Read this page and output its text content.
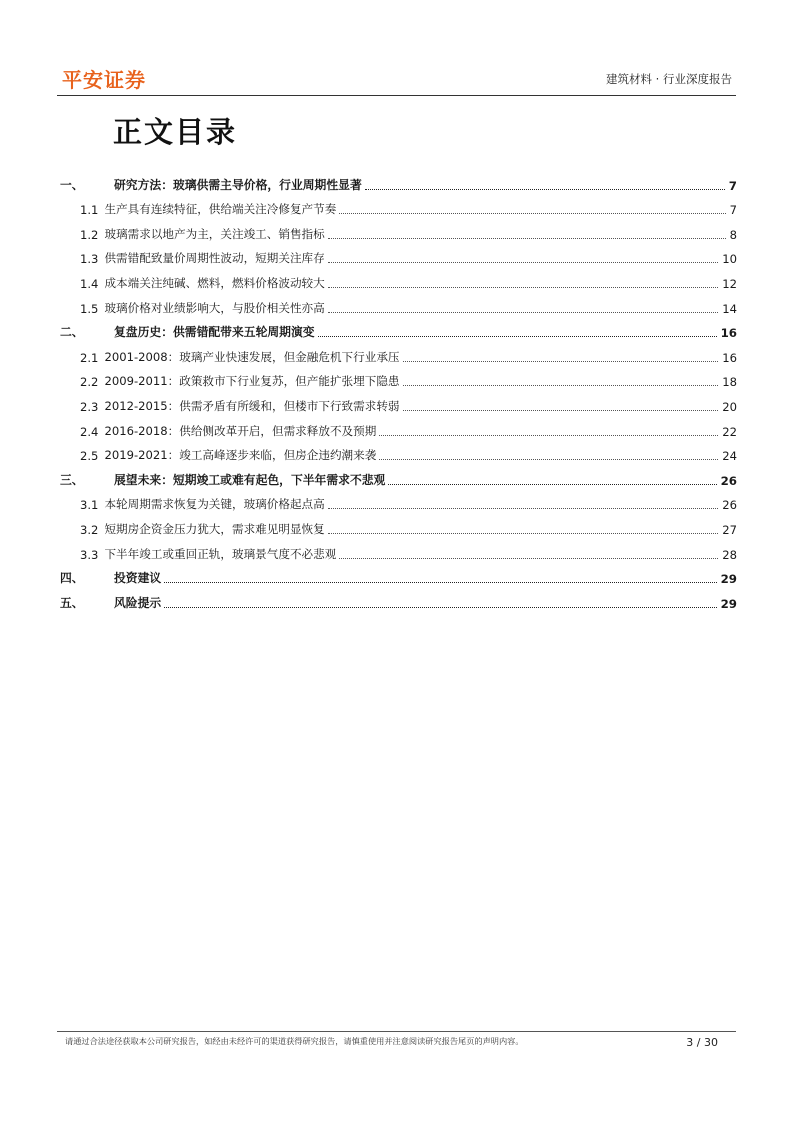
平安证券	建筑材料 · 行业深度报告
正文目录
一、	研究方法：玻璃供需主导价格，行业周期性显著	7
1.1 生产具有连续特征，供给端关注冷修复产节奏	7
1.2 玻璃需求以地产为主，关注竣工、销售指标	8
1.3 供需错配致量价周期性波动，短期关注库存	10
1.4 成本端关注纯碱、燃料，燃料价格波动较大	12
1.5 玻璃价格对业绩影响大，与股价相关性亦高	14
二、	复盘历史：供需错配带来五轮周期演变	16
2.1 2001-2008：玻璃产业快速发展，但金融危机下行业承压	16
2.2 2009-2011：政策救市下行业复苏，但产能扩张埋下隐患	18
2.3 2012-2015：供需矛盾有所缓和，但楼市下行致需求转弱	20
2.4 2016-2018：供给侧改革开启，但需求释放不及预期	22
2.5 2019-2021：竣工高峰逐步来临，但房企违约潮来袭	24
三、	展望未来：短期竣工或难有起色，下半年需求不悲观	26
3.1 本轮周期需求恢复为关键，玻璃价格起点高	26
3.2 短期房企资金压力犹大，需求难见明显恢复	27
3.3 下半年竣工或重回正轨，玻璃景气度不必悲观	28
四、	投资建议	29
五、	风险提示	29
请通过合法途径获取本公司研究报告，如经由未经许可的渠道获得研究报告，请慎重使用并注意阅读研究报告尾页的声明内容。	3 / 30
